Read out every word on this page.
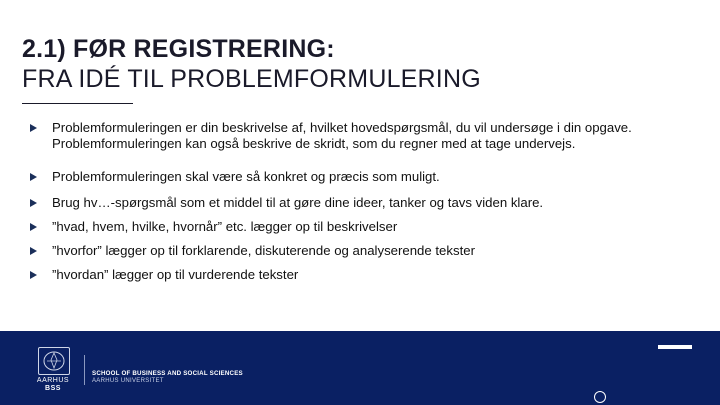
2.1) FØR REGISTRERING:
FRA IDÉ TIL PROBLEMFORMULERING
Problemformuleringen er din beskrivelse af, hvilket hovedspørgsmål, du vil undersøge i din opgave. Problemformuleringen kan også beskrive de skridt, som du regner med at tage undervejs.
Problemformuleringen skal være så konkret og præcis som muligt.
Brug hv…-spørgsmål som et middel til at gøre dine ideer, tanker og tavs viden klare.
”hvad, hvem, hvilke, hvornår” etc. lægger op til beskrivelser
”hvorfor” lægger op til forklarende, diskuterende og analyserende tekster
”hvordan” lægger op til vurderende tekster
AARHUS
BSS
SCHOOL OF BUSINESS AND SOCIAL SCIENCES
AARHUS UNIVERSITET
